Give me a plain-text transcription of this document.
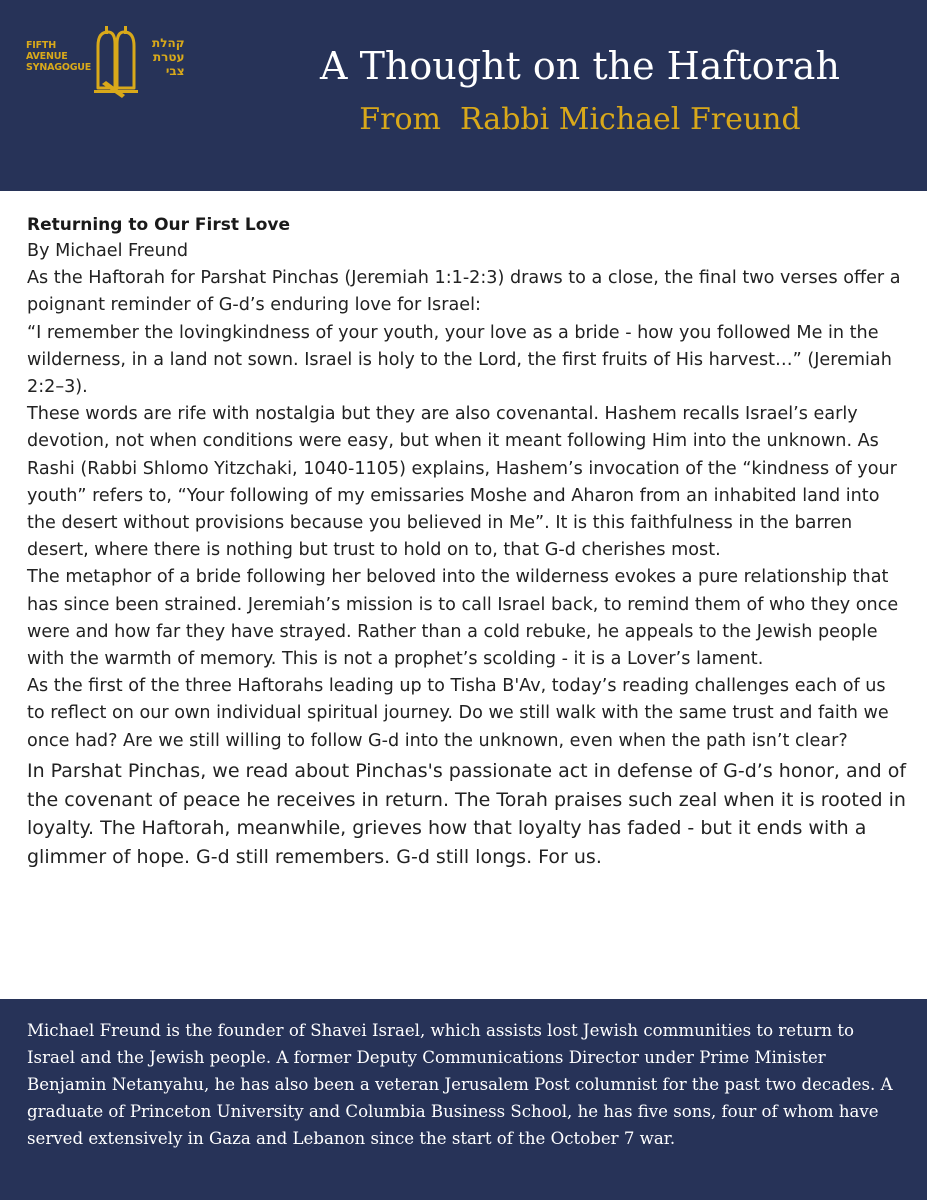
FIFTH
AVENUE
SYNAGOGUE
קהלת
עטרת
צבי	A Thought on the Haftorah
From  Rabbi Michael Freund
Returning to Our First Love
By Michael Freund

As the Haftorah for Parshat Pinchas (Jeremiah 1:1-2:3) draws to a close, the final two verses offer a poignant reminder of G-d’s enduring love for Israel:

“I remember the lovingkindness of your youth, your love as a bride - how you followed Me in the wilderness, in a land not sown. Israel is holy to the Lord, the first fruits of His harvest…” (Jeremiah 2:2–3).

These words are rife with nostalgia but they are also covenantal. Hashem recalls Israel’s early devotion, not when conditions were easy, but when it meant following Him into the unknown. As Rashi (Rabbi Shlomo Yitzchaki, 1040-1105) explains, Hashem’s invocation of the “kindness of your youth” refers to, “Your following of my emissaries Moshe and Aharon from an inhabited land into the desert without provisions because you believed in Me”. It is this faithfulness in the barren desert, where there is nothing but trust to hold on to, that G-d cherishes most.

The metaphor of a bride following her beloved into the wilderness evokes a pure relationship that has since been strained. Jeremiah’s mission is to call Israel back, to remind them of who they once were and how far they have strayed. Rather than a cold rebuke, he appeals to the Jewish people with the warmth of memory. This is not a prophet’s scolding - it is a Lover’s lament.

As the first of the three Haftorahs leading up to Tisha B'Av, today’s reading challenges each of us to reflect on our own individual spiritual journey. Do we still walk with the same trust and faith we once had? Are we still willing to follow G-d into the unknown, even when the path isn’t clear?

In Parshat Pinchas, we read about Pinchas's passionate act in defense of G-d’s honor, and of the covenant of peace he receives in return. The Torah praises such zeal when it is rooted in loyalty. The Haftorah, meanwhile, grieves how that loyalty has faded - but it ends with a glimmer of hope. G-d still remembers. G-d still longs. For us.

Michael Freund is the founder of Shavei Israel, which assists lost Jewish communities to return to Israel and the Jewish people. A former Deputy Communications Director under Prime Minister Benjamin Netanyahu, he has also been a veteran Jerusalem Post columnist for the past two decades. A graduate of Princeton University and Columbia Business School, he has five sons, four of whom have served extensively in Gaza and Lebanon since the start of the October 7 war.
